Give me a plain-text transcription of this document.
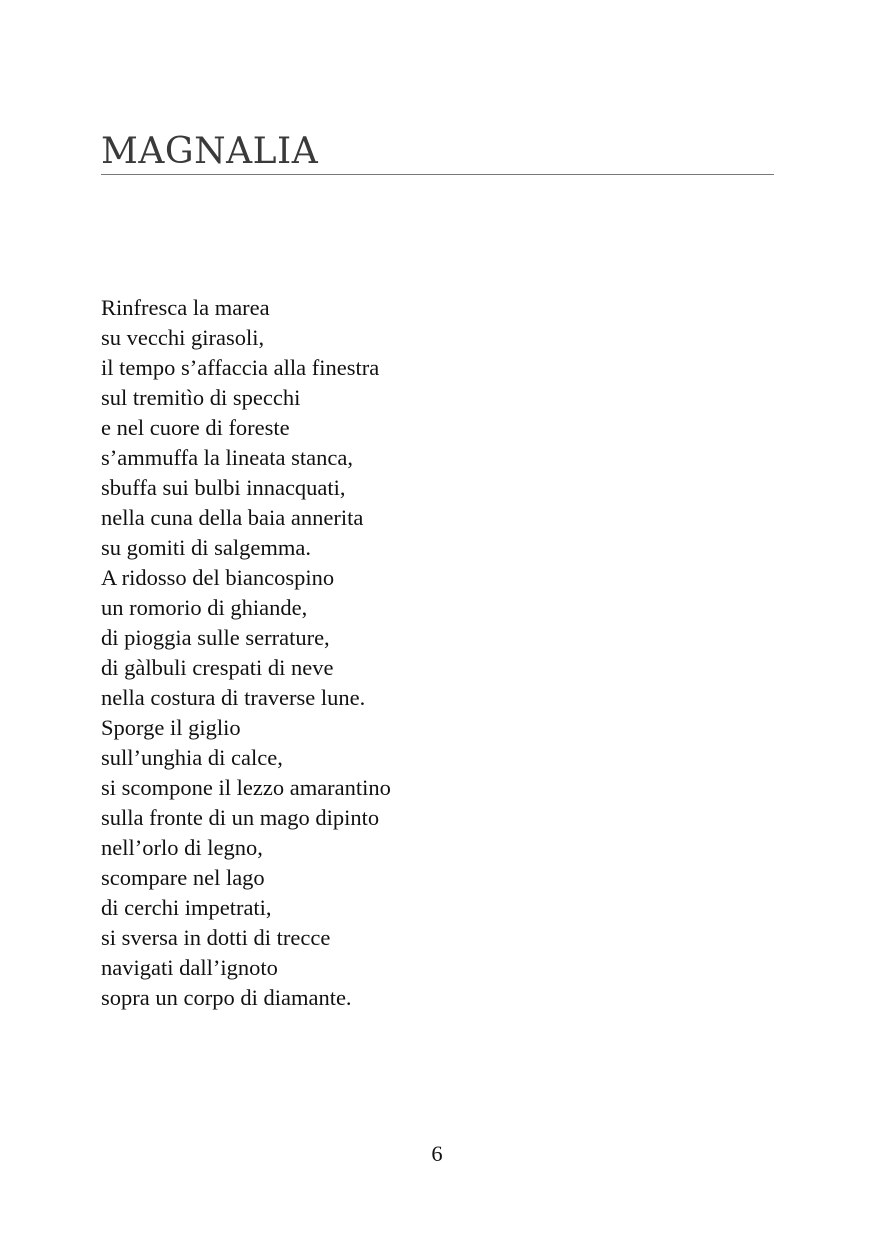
MAGNALIA
Rinfresca la marea
su vecchi girasoli,
il tempo s’affaccia alla finestra
sul tremitìo di specchi
e nel cuore di foreste
s’ammuffa la lineata stanca,
sbuffa sui bulbi innacquati,
nella cuna della baia annerita
su gomiti di salgemma.
A ridosso del biancospino
un romorio di ghiande,
di pioggia sulle serrature,
di gàlbuli crespati di neve
nella costura di traverse lune.
Sporge il giglio
sull’unghia di calce,
si scompone il lezzo amarantino
sulla fronte di un mago dipinto
nell’orlo di legno,
scompare nel lago
di cerchi impetrati,
si sversa in dotti di trecce
navigati dall’ignoto
sopra un corpo di diamante.
6
